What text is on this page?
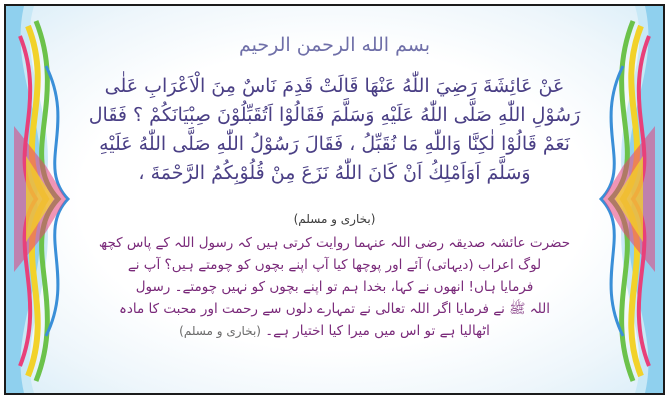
بسم الله الرحمن الرحيم
عَنْ عَائِشَةَ رَضِيَ اللّٰهُ عَنْهَا قَالَتْ قَدِمَ نَاسٌ مِنَ الْاَعْرَابِ عَلٰى
رَسُوْلِ اللّٰهِ صَلَّى اللّٰهُ عَلَيْهِ وَسَلَّمَ فَقَالُوْا اَتُقَبِّلُوْنَ صِبْيَانَكُمْ ؟ فَقَال
نَعَمْ قَالُوْا لٰكِنَّا وَاللّٰهِ مَا نُقَبِّلُ ، فَقَالَ رَسُوْلُ اللّٰهِ صَلَّى اللّٰهُ عَلَيْهِ
وَسَلَّمَ اَوَاَمْلِكُ اَنْ كَانَ اللّٰهُ نَزَعَ مِنْ قُلُوْبِكُمُ الرَّحْمَةَ ،
(بخاری و مسلم)
حضرت عائشہ صدیقہ رضی اللہ عنہما روایت کرتی ہیں کہ رسول اللہ کے پاس کچھ
لوگ اعراب (دیہاتی) آئے اور پوچھا کیا آپ اپنے بچوں کو چومتے ہیں؟ آپ نے
فرمایا ہاں! انھوں نے کہا، بخدا ہم تو اپنے بچوں کو نہیں چومتے۔ رسول
اللہ ﷺ نے فرمایا اگر اللہ تعالی نے تمہارے دلوں سے رحمت اور محبت کا مادہ
اٹھالیا ہے تو اس میں میرا کیا اختیار ہے۔ (بخاری و مسلم)
